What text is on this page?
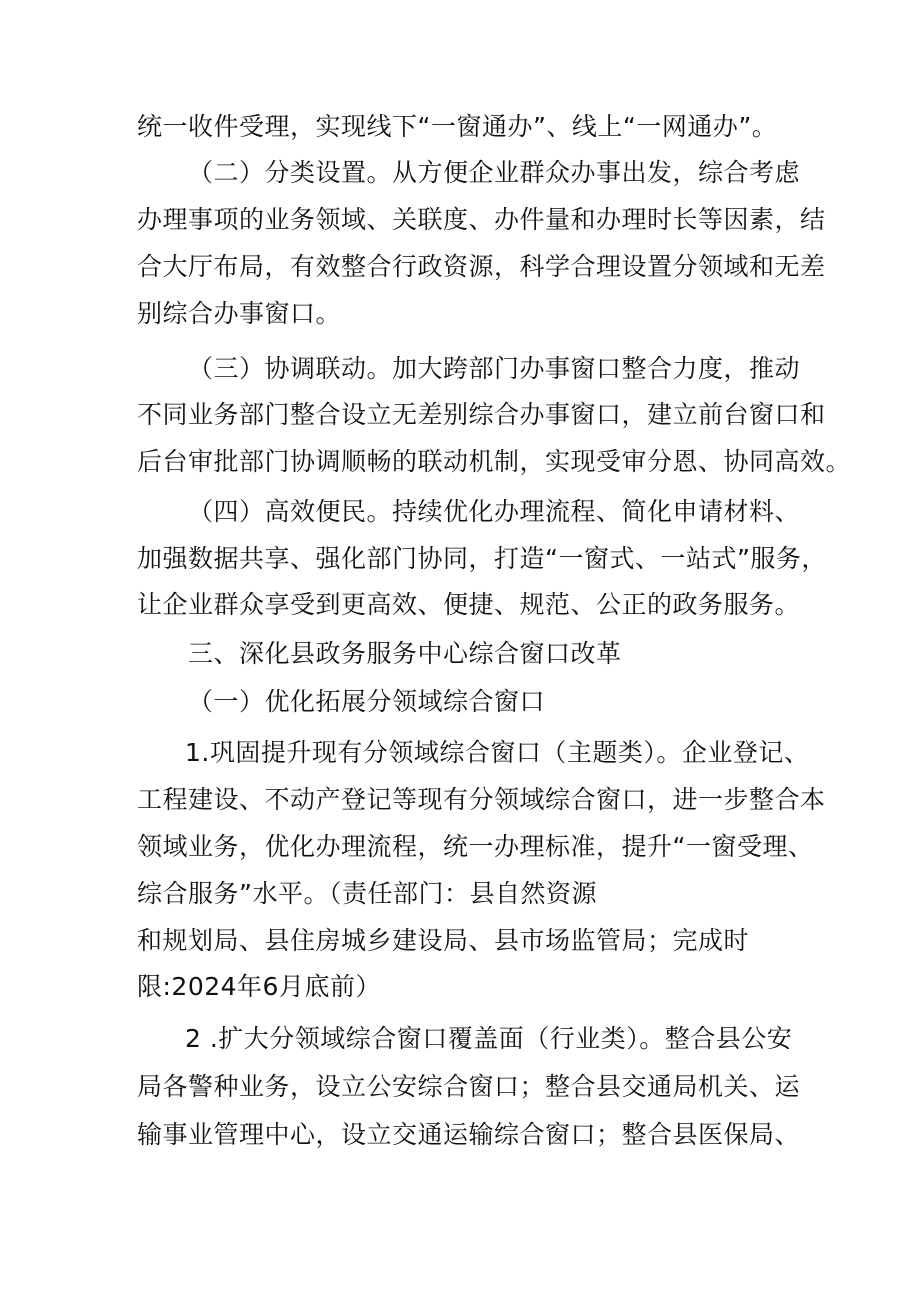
统一收件受理，实现线下“一窗通办”、线上“一网通办”。

（二）分类设置。从方便企业群众办事出发，综合考虑

办理事项的业务领域、关联度、办件量和办理时长等因素，结

合大厅布局，有效整合行政资源，科学合理设置分领域和无差

别综合办事窗口。

（三）协调联动。加大跨部门办事窗口整合力度，推动

不同业务部门整合设立无差别综合办事窗口，建立前台窗口和

后台审批部门协调顺畅的联动机制，实现受审分恩、协同高效。

（四）高效便民。持续优化办理流程、简化申请材料、

加强数据共享、强化部门协同，打造“一窗式、一站式”服务，

让企业群众享受到更高效、便捷、规范、公正的政务服务。

三、深化县政务服务中心综合窗口改革

（一）优化拓展分领域综合窗口

1.巩固提升现有分领域综合窗口（主题类）。企业登记、

工程建设、不动产登记等现有分领域综合窗口，进一步整合本

领域业务，优化办理流程，统一办理标准，提升“一窗受理、

综合服务”水平。（责任部门：县自然资源

和规划局、县住房城乡建设局、县市场监管局；完成时

限:2024年6月底前）

2 .扩大分领域综合窗口覆盖面（行业类）。整合县公安

局各警种业务，设立公安综合窗口；整合县交通局机关、运

输事业管理中心，设立交通运输综合窗口；整合县医保局、
